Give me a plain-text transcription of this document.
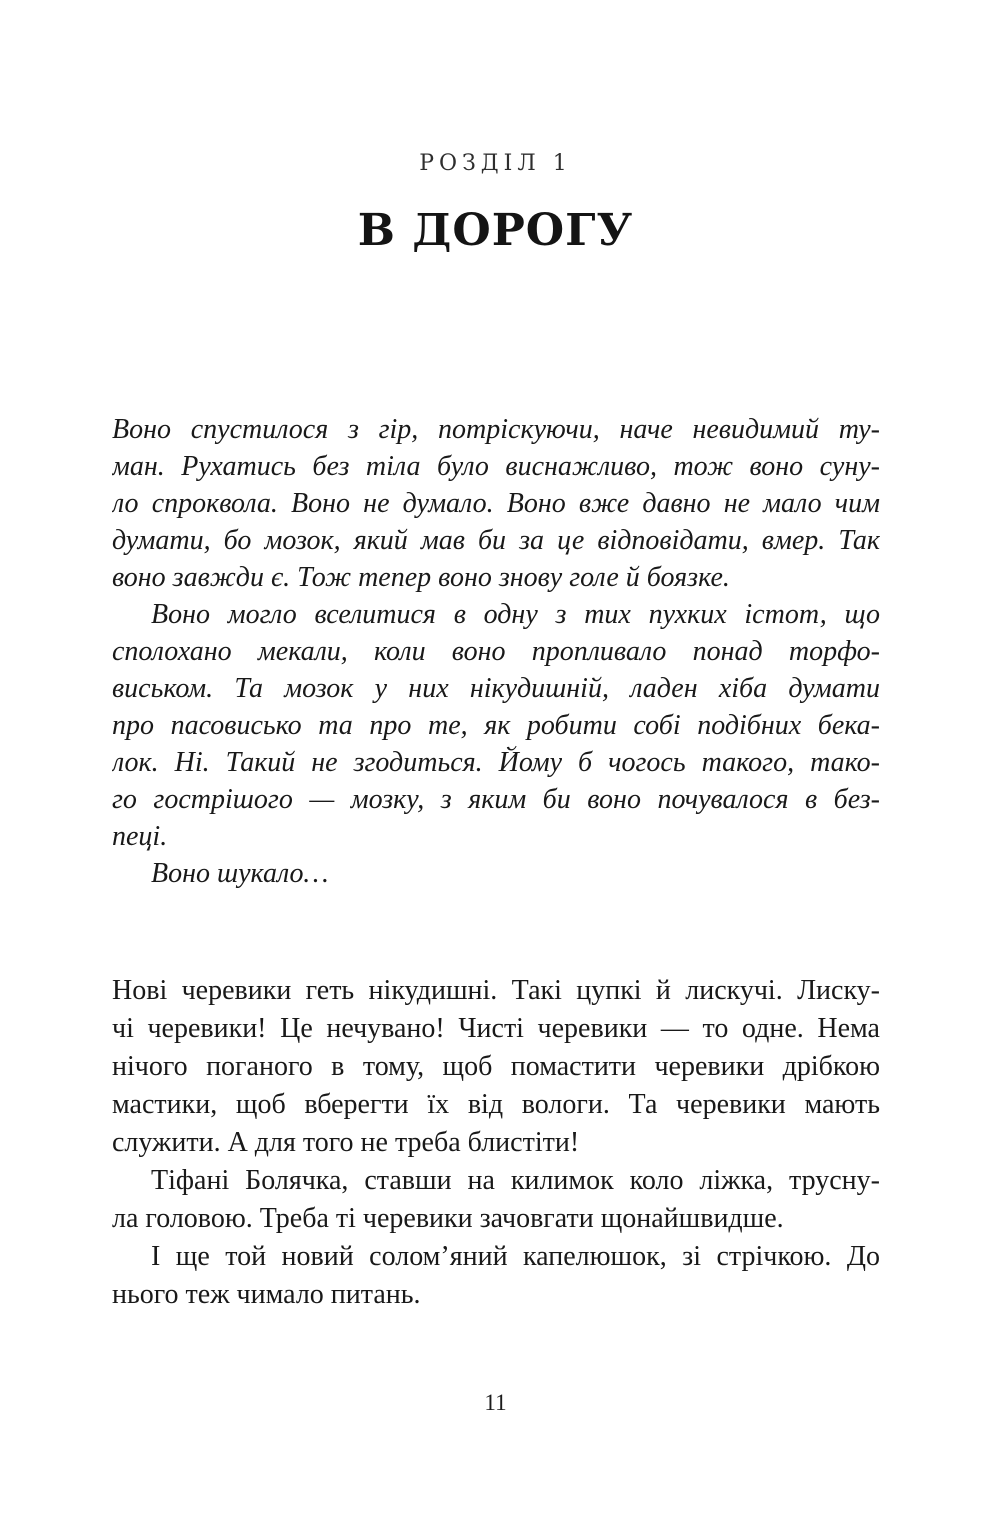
РОЗДІЛ 1
В ДОРОГУ
Воно спустилося з гір, потріскуючи, наче невидимий ту-
ман. Рухатись без тіла було виснажливо, тож воно суну-
ло спроквола. Воно не думало. Воно вже давно не мало чим
думати, бо мозок, який мав би за це відповідати, вмер. Так
воно завжди є. Тож тепер воно знову голе й боязке.
Воно могло вселитися в одну з тих пухких істот, що
сполохано мекали, коли воно пропливало понад торфо-
виськом. Та мозок у них нікудишній, ладен хіба думати
про пасовисько та про те, як робити собі подібних бека-
лок. Ні. Такий не згодиться. Йому б чогось такого, тако-
го гострішого — мозку, з яким би воно почувалося в без-
пеці.
Воно шукало…
Нові черевики геть нікудишні. Такі цупкі й лискучі. Лиску-
чі черевики! Це нечувано! Чисті черевики — то одне. Нема
нічого поганого в тому, щоб помастити черевики дрібкою
мастики, щоб вберегти їх від вологи. Та черевики мають
служити. А для того не треба блистіти!
Тіфані Болячка, ставши на килимок коло ліжка, трусну-
ла головою. Треба ті черевики зачовгати щонайшвидше.
І ще той новий солом’яний капелюшок, зі стрічкою. До
нього теж чимало питань.
11
